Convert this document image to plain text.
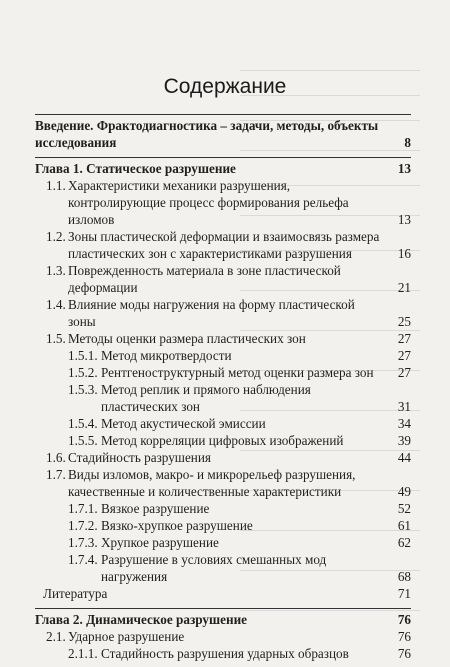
Содержание
Введение. Фрактодиагностика – задачи, методы, объекты исследования	8
Глава 1. Статическое разрушение	13
1.1. Характеристики механики разрушения, контролирующие процесс формирования рельефа изломов	13
1.2. Зоны пластической деформации и взаимосвязь размера пластических зон с характеристиками разрушения	16
1.3. Поврежденность материала в зоне пластической деформации	21
1.4. Влияние моды нагружения на форму пластической зоны	25
1.5. Методы оценки размера пластических зон	27
1.5.1. Метод микротвердости	27
1.5.2. Рентгеноструктурный метод оценки размера зон	27
1.5.3. Метод реплик и прямого наблюдения пластических зон	31
1.5.4. Метод акустической эмиссии	34
1.5.5. Метод корреляции цифровых изображений	39
1.6. Стадийность разрушения	44
1.7. Виды изломов, макро- и микрорельеф разрушения, качественные и количественные характеристики	49
1.7.1. Вязкое разрушение	52
1.7.2. Вязко-хрупкое разрушение	61
1.7.3. Хрупкое разрушение	62
1.7.4. Разрушение в условиях смешанных мод нагружения	68
Литература	71
Глава 2. Динамическое разрушение	76
2.1. Ударное разрушение	76
2.1.1. Стадийность разрушения ударных образцов	76
